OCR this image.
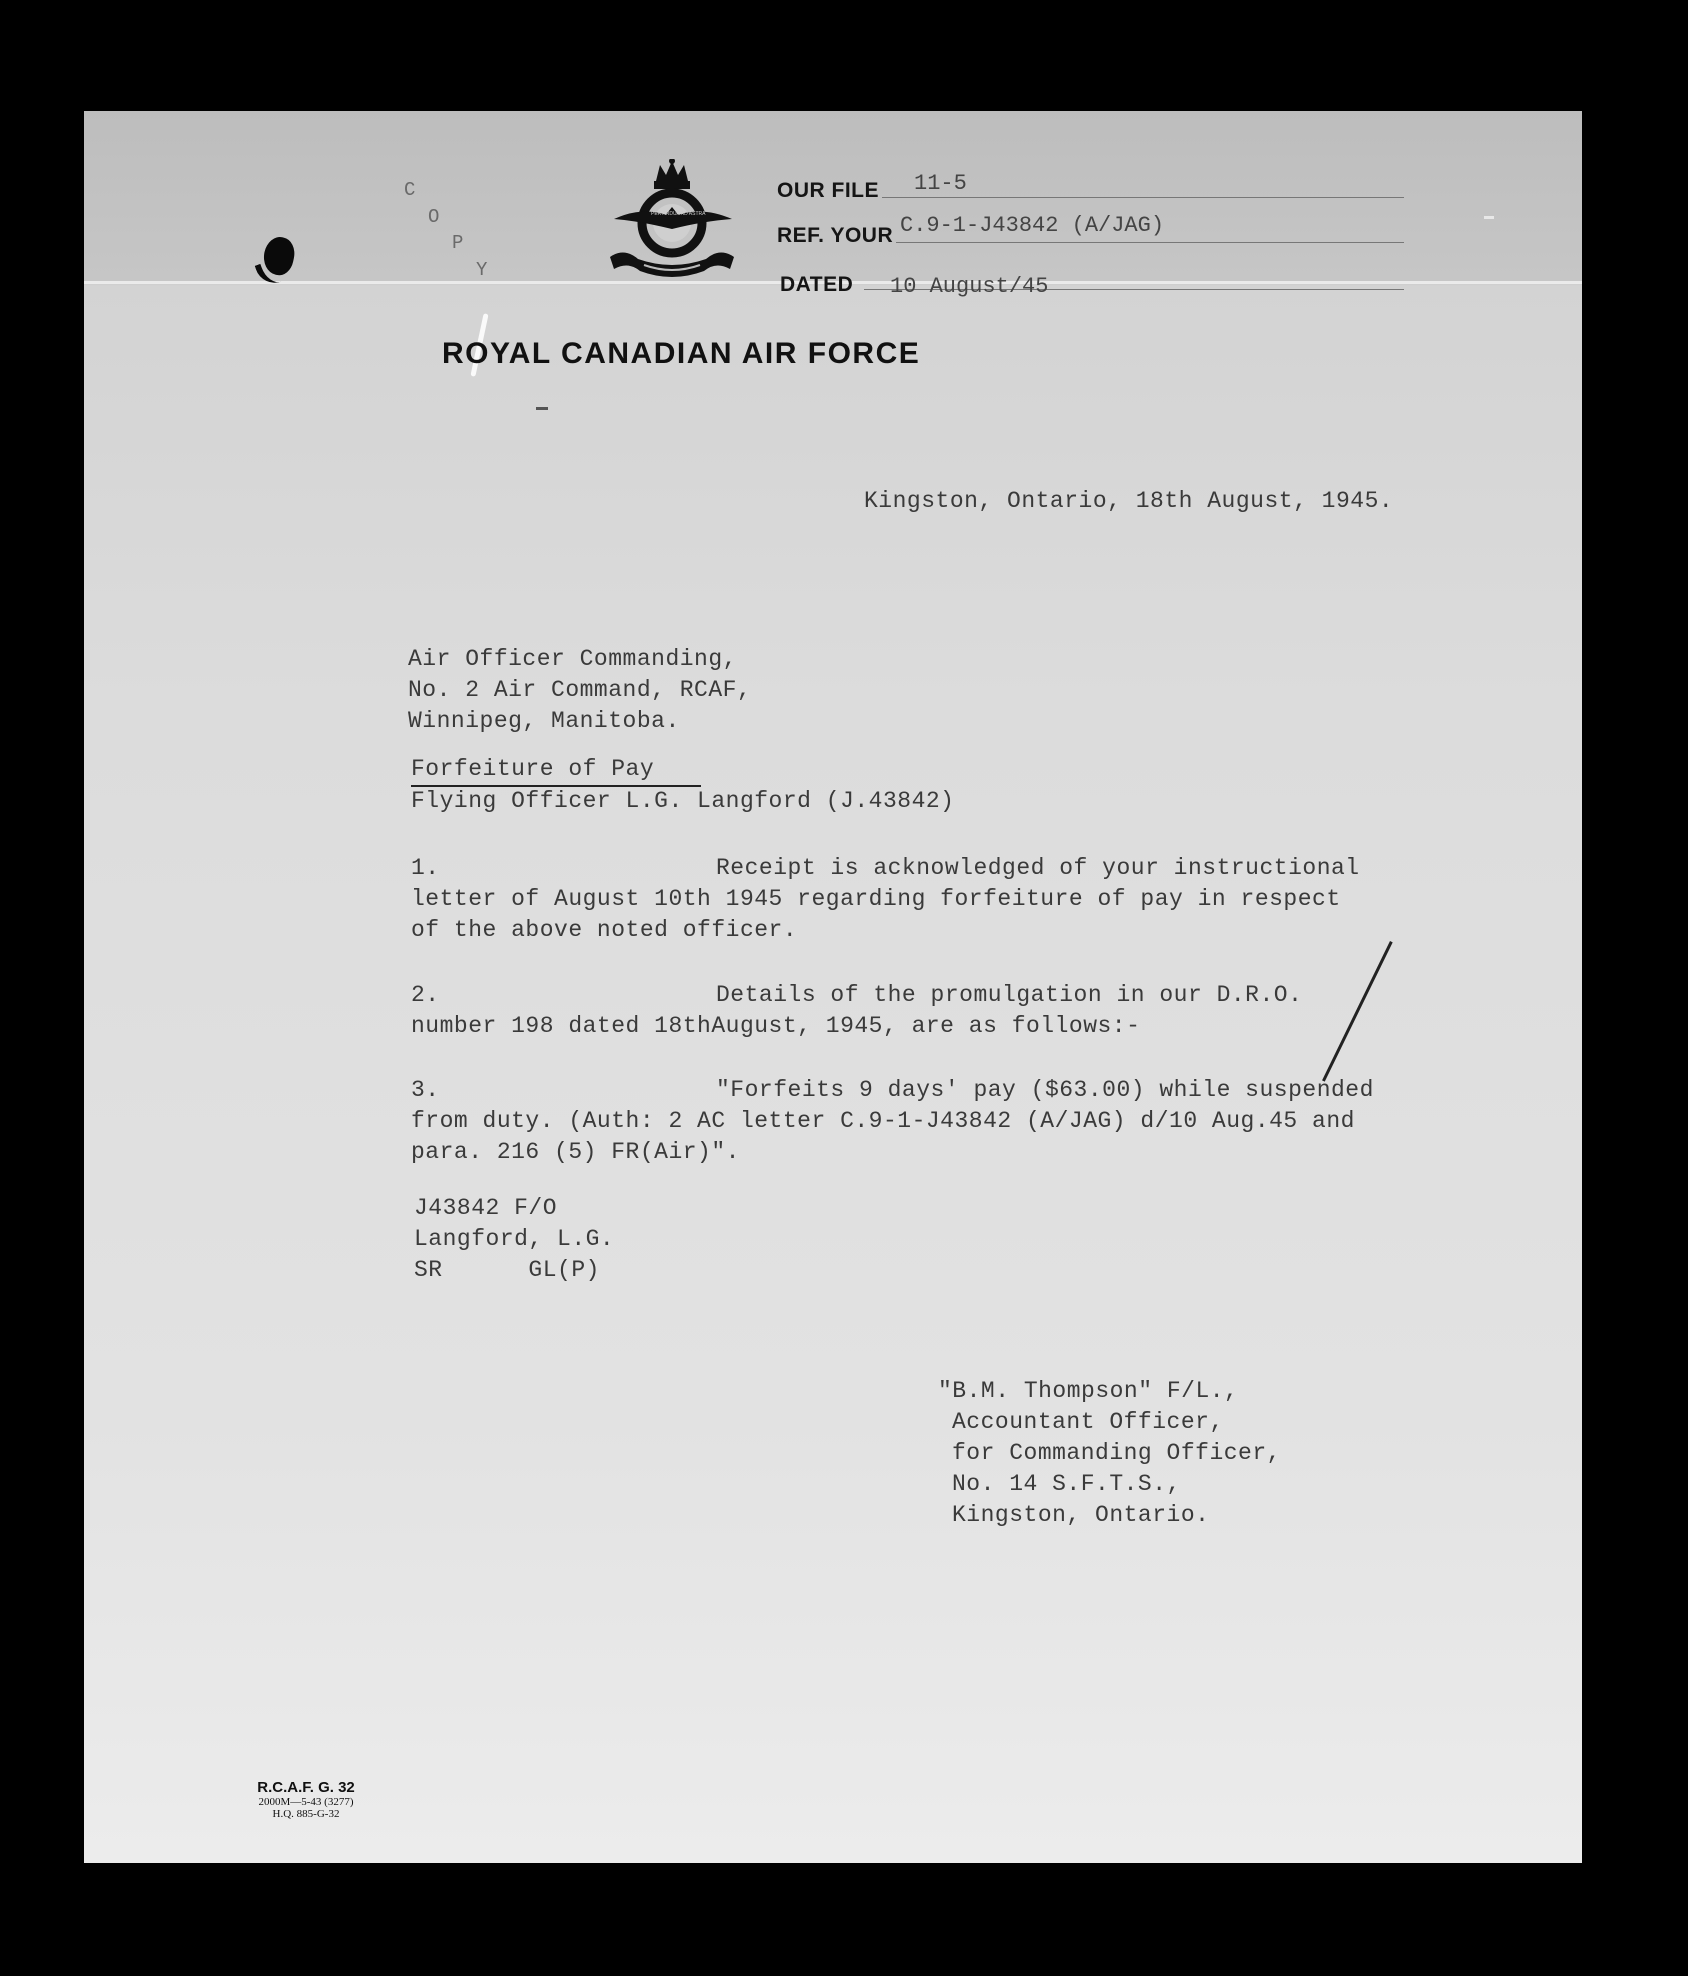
C
O
P
Y
PER ARDUA AD ASTRA
OUR FILE 11-5
REF. YOUR C.9-1-J43842 (A/JAG)
DATED 10 August/45
ROYAL CANADIAN AIR FORCE
Kingston, Ontario, 18th August, 1945.
Air Officer Commanding,
No. 2 Air Command, RCAF,
Winnipeg, Manitoba.
Forfeiture of Pay
Flying Officer L.G. Langford (J.43842)
1.	Receipt is acknowledged of your instructional
letter of August 10th 1945 regarding forfeiture of pay in respect
of the above noted officer.
2.	Details of the promulgation in our D.R.O.
number 198 dated 18thAugust, 1945, are as follows:-
3.	"Forfeits 9 days' pay ($63.00) while suspended
from duty. (Auth: 2 AC letter C.9-1-J43842 (A/JAG) d/10 Aug.45 and
para. 216 (5) FR(Air)".
J43842 F/O
Langford, L.G.
SR      GL(P)
"B.M. Thompson" F/L.,
Accountant Officer,
for Commanding Officer,
No. 14 S.F.T.S.,
Kingston, Ontario.
R.C.A.F. G. 32
2000M—5-43 (3277)
H.Q. 885-G-32
